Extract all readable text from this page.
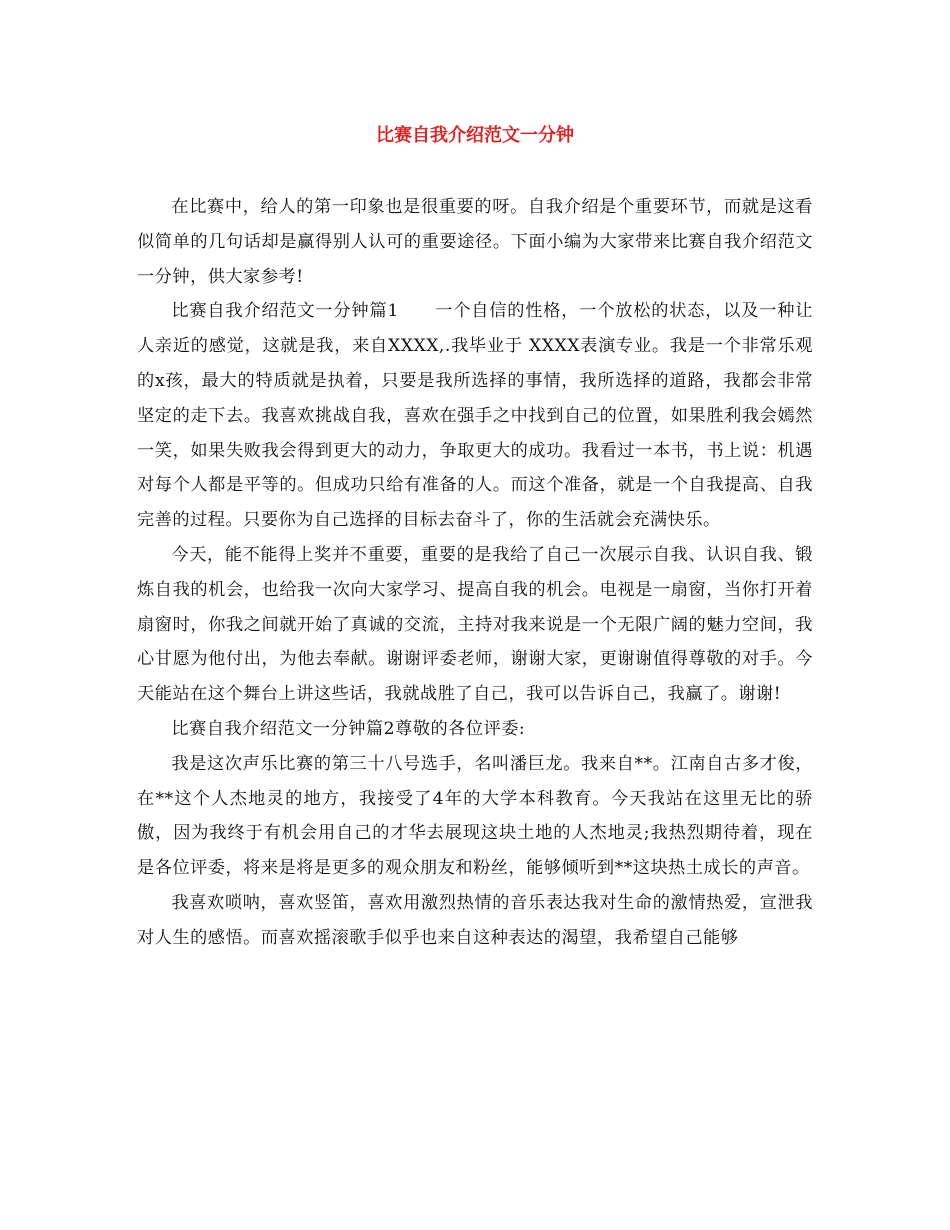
比赛自我介绍范文一分钟

在比赛中，给人的第一印象也是很重要的呀。自我介绍是个重要环节，而就是这看似简单的几句话却是赢得别人认可的重要途径。下面小编为大家带来比赛自我介绍范文一分钟，供大家参考!

比赛自我介绍范文一分钟篇1　　一个自信的性格，一个放松的状态，以及一种让人亲近的感觉，这就是我，来自XXXX,.我毕业于 XXXX表演专业。我是一个非常乐观的x孩，最大的特质就是执着，只要是我所选择的事情，我所选择的道路，我都会非常坚定的走下去。我喜欢挑战自我，喜欢在强手之中找到自己的位置，如果胜利我会嫣然一笑，如果失败我会得到更大的动力，争取更大的成功。我看过一本书，书上说：机遇对每个人都是平等的。但成功只给有准备的人。而这个准备，就是一个自我提高、自我完善的过程。只要你为自己选择的目标去奋斗了，你的生活就会充满快乐。

今天，能不能得上奖并不重要，重要的是我给了自己一次展示自我、认识自我、锻炼自我的机会，也给我一次向大家学习、提高自我的机会。电视是一扇窗，当你打开着扇窗时，你我之间就开始了真诚的交流，主持对我来说是一个无限广阔的魅力空间，我心甘愿为他付出，为他去奉献。谢谢评委老师，谢谢大家，更谢谢值得尊敬的对手。今天能站在这个舞台上讲这些话，我就战胜了自己，我可以告诉自己，我赢了。谢谢!

比赛自我介绍范文一分钟篇2尊敬的各位评委:

我是这次声乐比赛的第三十八号选手，名叫潘巨龙。我来自**。江南自古多才俊，在**这个人杰地灵的地方，我接受了4年的大学本科教育。今天我站在这里无比的骄傲，因为我终于有机会用自己的才华去展现这块土地的人杰地灵;我热烈期待着，现在是各位评委，将来是将是更多的观众朋友和粉丝，能够倾听到**这块热土成长的声音。

我喜欢唢呐，喜欢竖笛，喜欢用激烈热情的音乐表达我对生命的激情热爱，宣泄我对人生的感悟。而喜欢摇滚歌手似乎也来自这种表达的渴望，我希望自己能够
